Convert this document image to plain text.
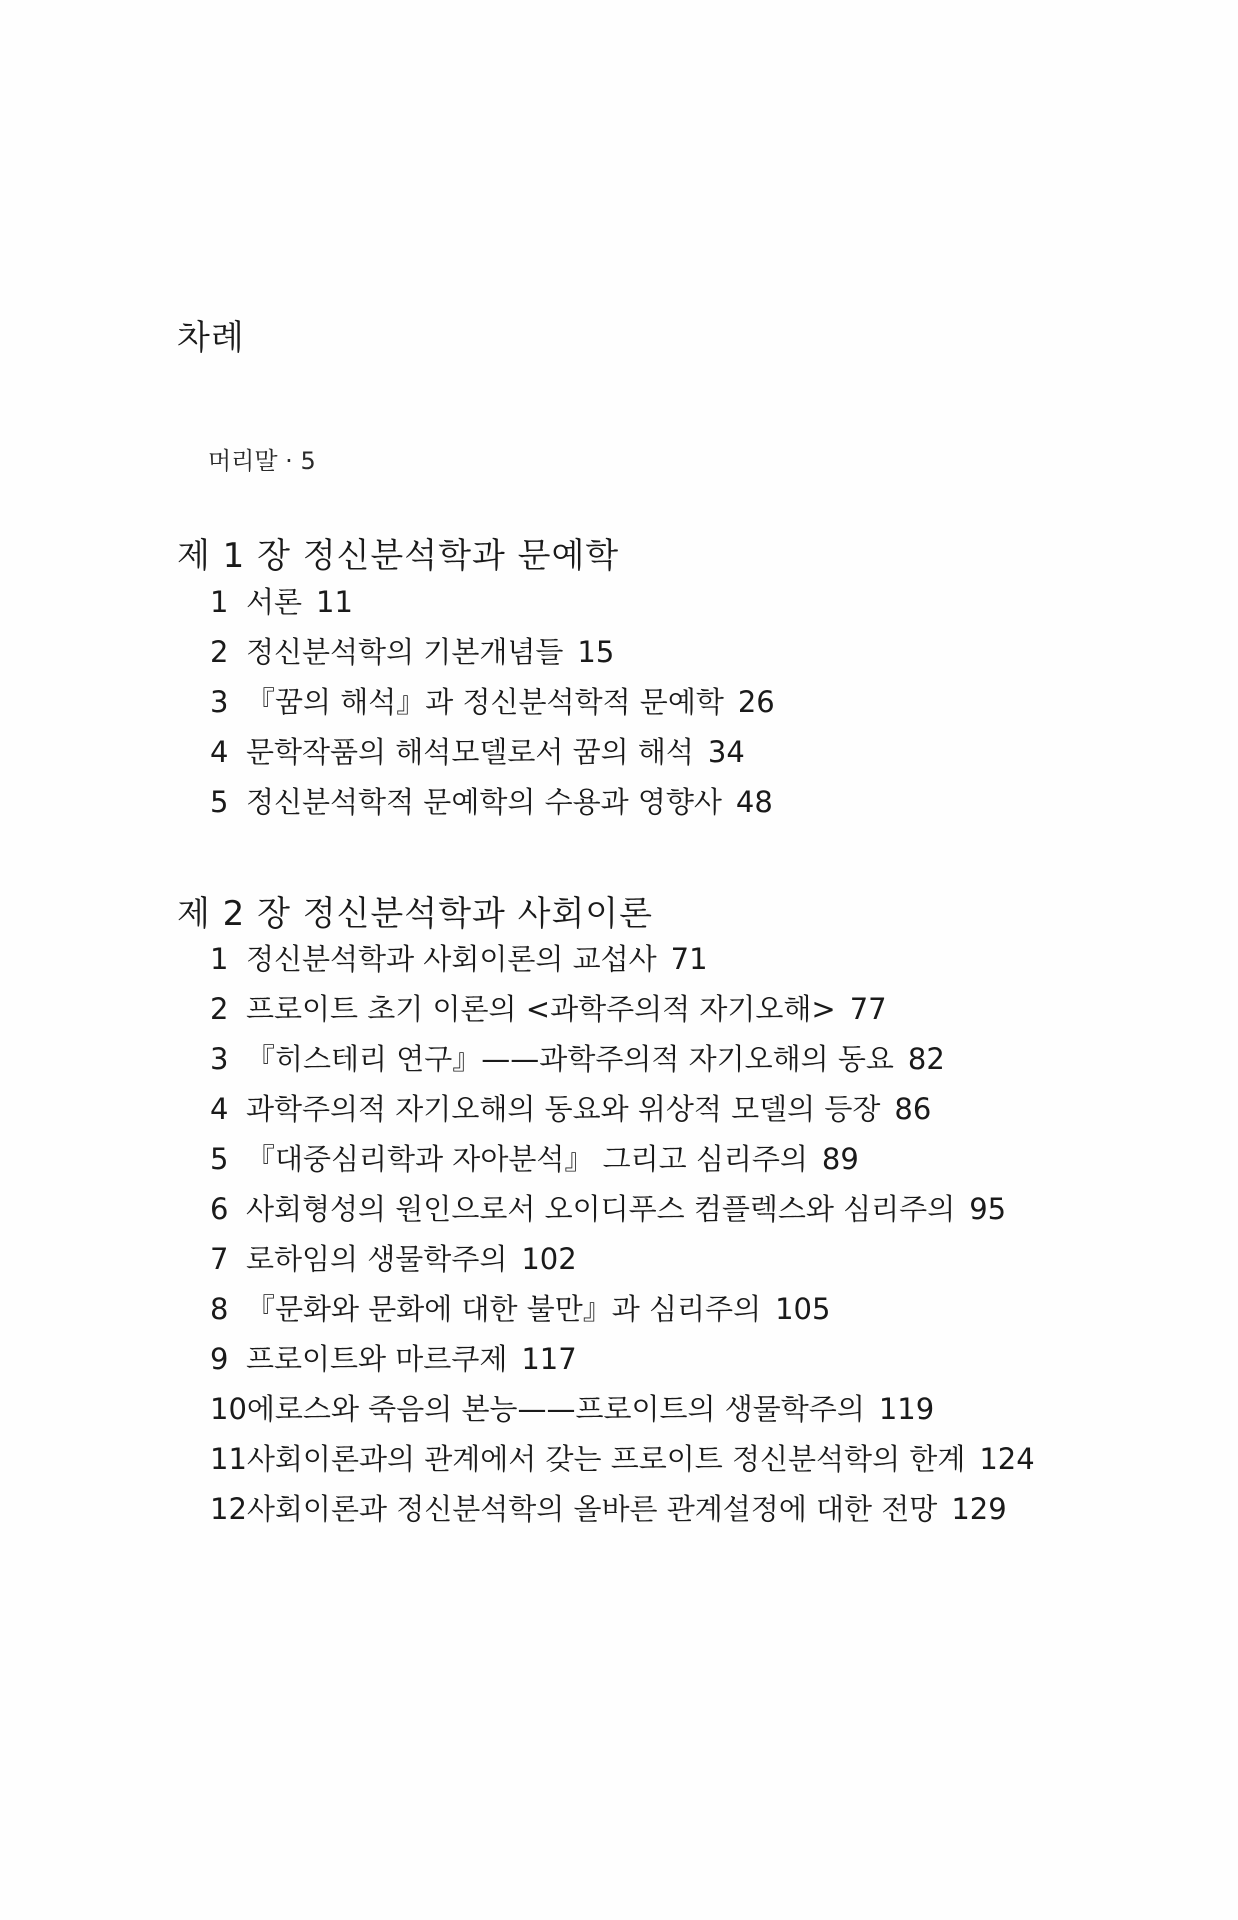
차례
머리말 · 5
제 1 장 정신분석학과 문예학
1 서론 11
2 정신분석학의 기본개념들 15
3 『꿈의 해석』과 정신분석학적 문예학 26
4 문학작품의 해석모델로서 꿈의 해석 34
5 정신분석학적 문예학의 수용과 영향사 48
제 2 장 정신분석학과 사회이론
1 정신분석학과 사회이론의 교섭사 71
2 프로이트 초기 이론의 <과학주의적 자기오해> 77
3 『히스테리 연구』——과학주의적 자기오해의 동요 82
4 과학주의적 자기오해의 동요와 위상적 모델의 등장 86
5 『대중심리학과 자아분석』 그리고 심리주의 89
6 사회형성의 원인으로서 오이디푸스 컴플렉스와 심리주의 95
7 로하임의 생물학주의 102
8 『문화와 문화에 대한 불만』과 심리주의 105
9 프로이트와 마르쿠제 117
10에로스와 죽음의 본능——프로이트의 생물학주의 119
11사회이론과의 관계에서 갖는 프로이트 정신분석학의 한계 124
12사회이론과 정신분석학의 올바른 관계설정에 대한 전망 129
